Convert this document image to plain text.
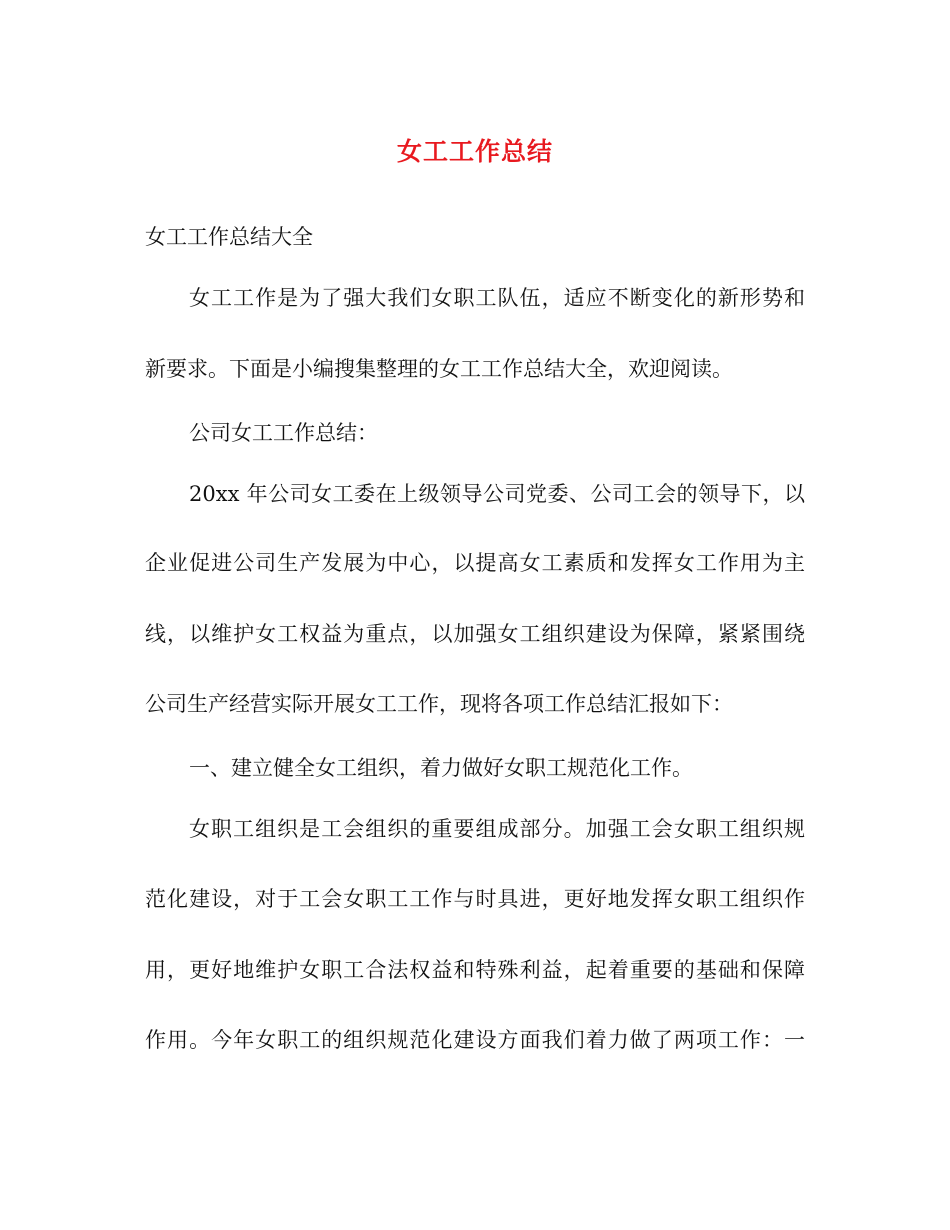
女工工作总结
女工工作总结大全
女工工作是为了强大我们女职工队伍，适应不断变化的新形势和
新要求。下面是小编搜集整理的女工工作总结大全，欢迎阅读。
公司女工工作总结：
20xx 年公司女工委在上级领导公司党委、公司工会的领导下，以
企业促进公司生产发展为中心，以提高女工素质和发挥女工作用为主
线，以维护女工权益为重点，以加强女工组织建设为保障，紧紧围绕
公司生产经营实际开展女工工作，现将各项工作总结汇报如下：
一、建立健全女工组织，着力做好女职工规范化工作。
女职工组织是工会组织的重要组成部分。加强工会女职工组织规
范化建设，对于工会女职工工作与时具进，更好地发挥女职工组织作
用，更好地维护女职工合法权益和特殊利益，起着重要的基础和保障
作用。今年女职工的组织规范化建设方面我们着力做了两项工作：一
